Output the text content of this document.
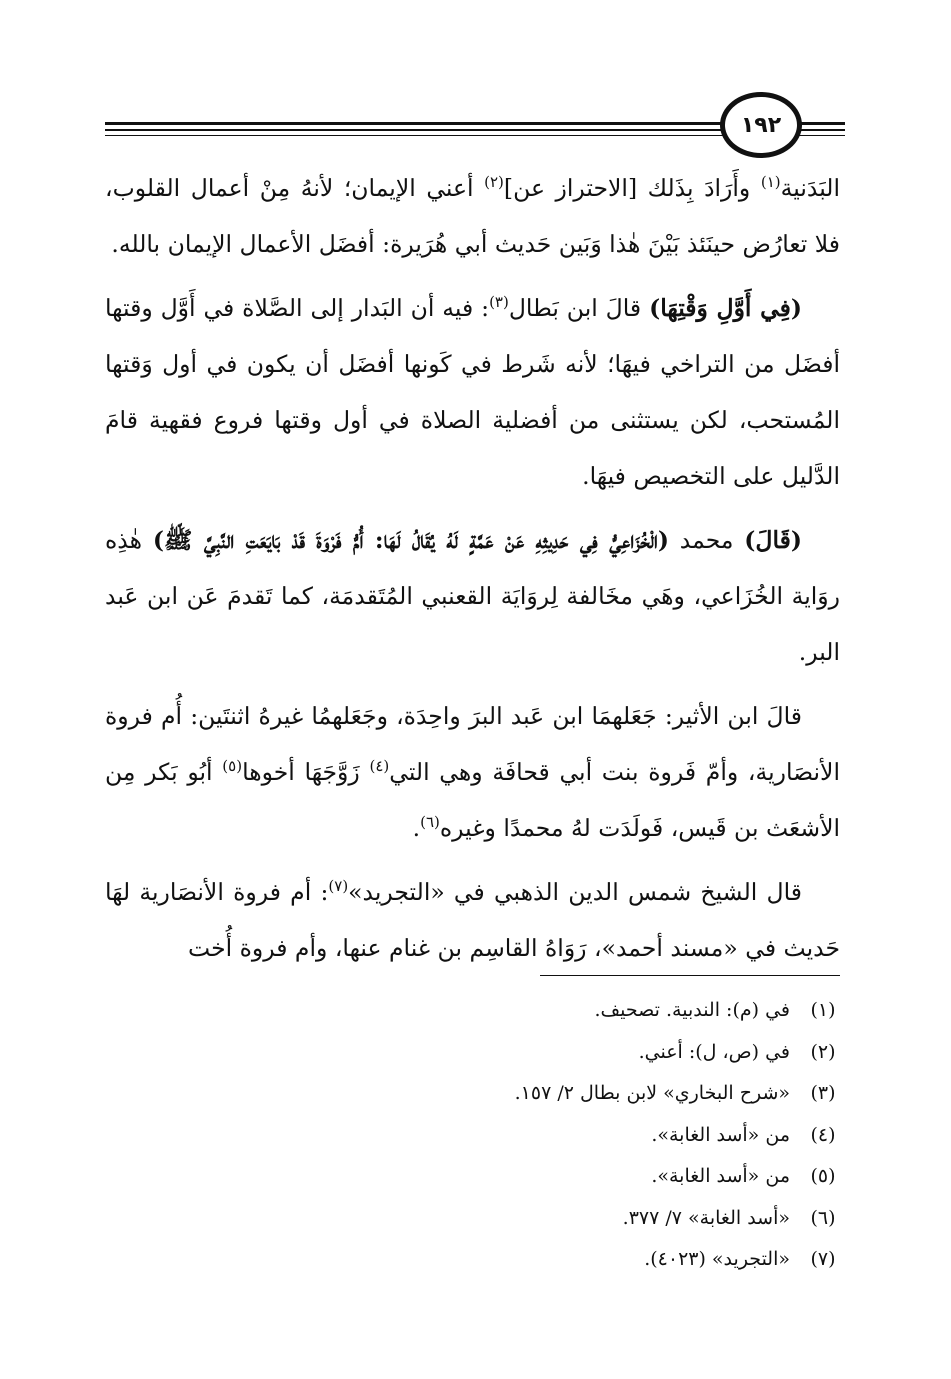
١٩٢

البَدَنية$^{(١)}$ وأَرَادَ بِذَلك [الاحتراز عن]$^{(٢)}$ أعني الإيمان؛ لأنهُ مِنْ أعمال القلوب، فلا تعارُض حينَئذ بَيْنَ هٰذا وَبَين حَديث أبي هُرَيرة: أفضَل الأعمال الإيمان بالله.

(فِي أَوَّلِ وَقْتِهَا) قالَ ابن بَطال$^{(٣)}$: فيه أن البَدار إلى الصَّلاة في أَوَّل وقتها أفضَل من التراخي فيهَا؛ لأنه شَرط في كَونها أفضَل أن يكون في أول وَقتها المُستحب، لكن يستثنى من أفضلية الصلاة في أول وقتها فروع فقهية قامَ الدَّليل على التخصيص فيهَا.

(قَالَ) محمد (الْخُزَاعِيُّ فِي حَدِيثِهِ عَنْ عَمَّةٍ لَهُ يُقَالُ لَهَا: أُمُّ فَرْوَةَ قَدْ بَايَعَتِ النَّبِيَّ ﷺ) هٰذِه روَاية الخُزَاعي، وهَي مخَالفة لِروَايَة القعنبي المُتَقدمَة، كما تَقدمَ عَن ابن عَبد البر.

قالَ ابن الأثير: جَعَلهمَا ابن عَبد البرَ واحِدَة، وجَعَلهمُا غيرهُ اثنتَين: أُم فروة الأنصَارية، وأمّ فَروة بنت أبي قحافَة وهي التي$^{(٤)}$ زَوَّجَهَا أخوها$^{(٥)}$ أبُو بَكر مِن الأشعَث بن قَيس، فَولَدَت لهُ محمدًا وغيره$^{(٦)}$.

قال الشيخ شمس الدين الذهبي في «التجريد»$^{(٧)}$: أم فروة الأنصَارية لهَا حَديث في «مسند أحمد»، رَوَاهُ القاسِم بن غنام عنها، وأم فروة أُخت

(١)
في (م): الندبية. تصحيف.
(٢)
في (ص، ل): أعني.
(٣)
«شرح البخاري» لابن بطال ٢/ ١٥٧.
(٤)
من «أسد الغابة».
(٥)
من «أسد الغابة».
(٦)
«أسد الغابة» ٧/ ٣٧٧.
(٧)
«التجريد» (٤٠٢٣).
